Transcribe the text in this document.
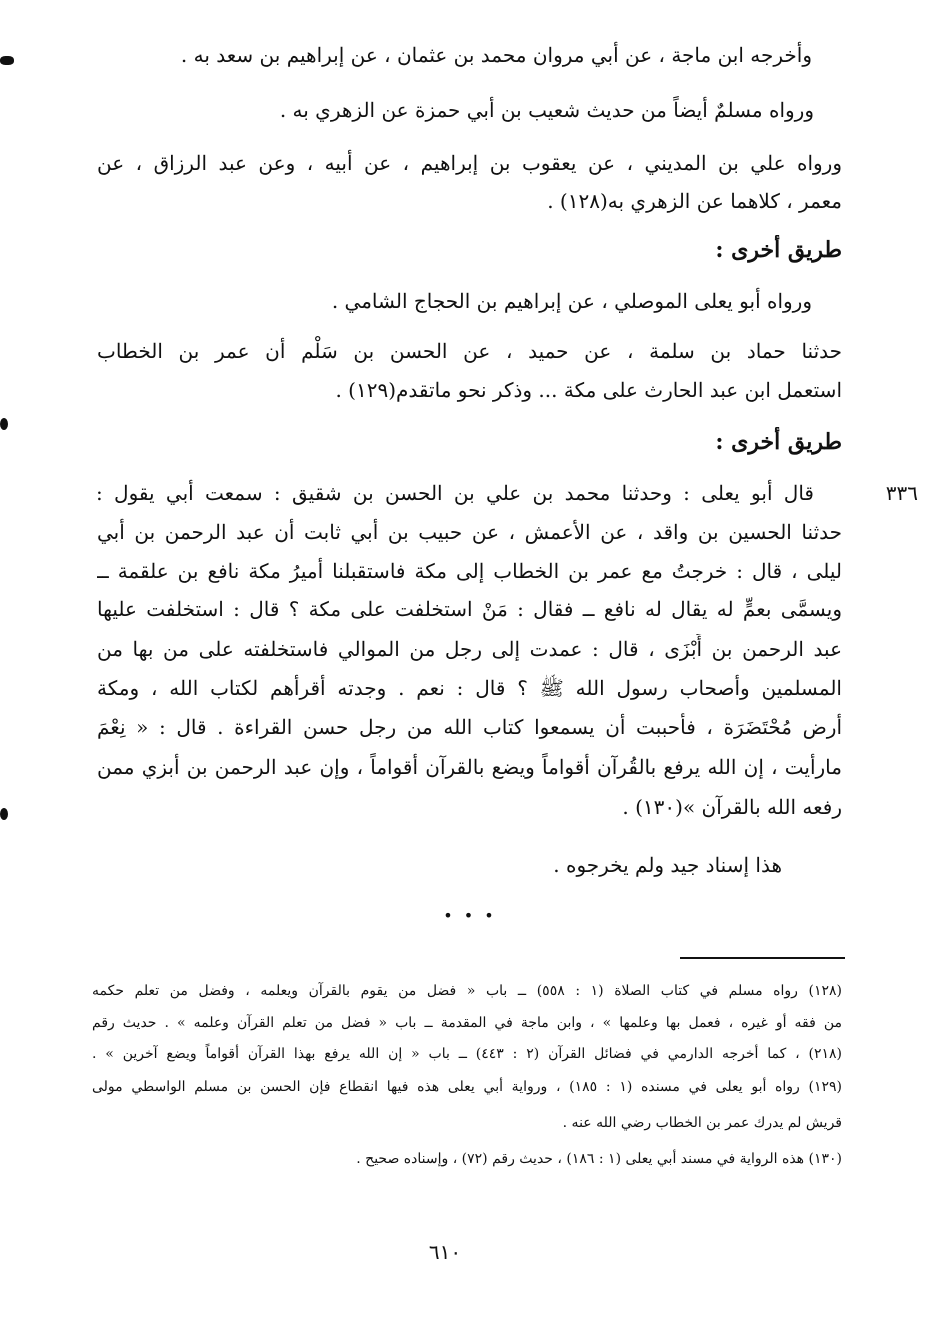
وأخرجه ابن ماجة ، عن أبي مروان محمد بن عثمان ، عن إبراهيم بن سعد به .
ورواه مسلمٌ أيضاً من حديث شعيب بن أبي حمزة عن الزهري به .
ورواه علي بن المديني ، عن يعقوب بن إبراهيم ، عن أبيه ، وعن عبد الرزاق ، عن
معمر ، كلاهما عن الزهري به(١٢٨) .
طريق أخرى :
ورواه أبو يعلى الموصلي ، عن إبراهيم بن الحجاج الشامي .
حدثنا حماد بن سلمة ، عن حميد ، عن الحسن بن سَلْم أن عمر بن الخطاب
استعمل ابن عبد الحارث على مكة ... وذكر نحو ماتقدم(١٢٩) .
طريق أخرى :
٣٣٦
قال أبو يعلى : وحدثنا محمد بن علي بن الحسن بن شقيق : سمعت أبي يقول :
حدثنا الحسين بن واقد ، عن الأعمش ، عن حبيب بن أبي ثابت أن عبد الرحمن بن أبي
ليلى ، قال : خرجتُ مع عمر بن الخطاب إلى مكة فاستقبلنا أميرُ مكة نافع بن علقمة ــ
ويسمَّى بعمٍّ له يقال له نافع ــ فقال : مَنْ استخلفت على مكة ؟ قال : استخلفت عليها
عبد الرحمن بن أَبْزَى ، قال : عمدت إلى رجل من الموالي فاستخلفته على من بها من
المسلمين وأصحاب رسول الله ﷺ ؟ قال : نعم . وجدته أقرأهم لكتاب الله ، ومكة
أرض مُحْتَضَرَة ، فأحببت أن يسمعوا كتاب الله من رجل حسن القراءة . قال : « نِعْمَ
مارأيت ، إن الله يرفع بالقُرآن أقواماً ويضع بالقرآن أقواماً ، وإن عبد الرحمن بن أبزي ممن
رفعه الله بالقرآن »(١٣٠) .
هذا إسناد جيد ولم يخرجوه .
• • •
(١٢٨) رواه مسلم في كتاب الصلاة (١ : ٥٥٨) ــ باب « فضل من يقوم بالقرآن ويعلمه ، وفضل من تعلم حكمه
من فقه أو غيره ، فعمل بها وعلمها » ، وابن ماجة في المقدمة ــ باب « فضل من تعلم القرآن وعلمه » . حديث رقم
(٢١٨) ، كما أخرجه الدارمي في فضائل القرآن (٢ : ٤٤٣) ــ باب « إن الله يرفع بهذا القرآن أقواماً ويضع آخرين » .
(١٢٩) رواه أبو يعلى في مسنده (١ : ١٨٥) ، ورواية أبي يعلى هذه فيها انقطاع فإن الحسن بن مسلم الواسطي مولى
قريش لم يدرك عمر بن الخطاب رضي الله عنه .
(١٣٠) هذه الرواية في مسند أبي يعلى (١ : ١٨٦) ، حديث رقم (٧٢) ، وإسناده صحيح .
٦١٠
